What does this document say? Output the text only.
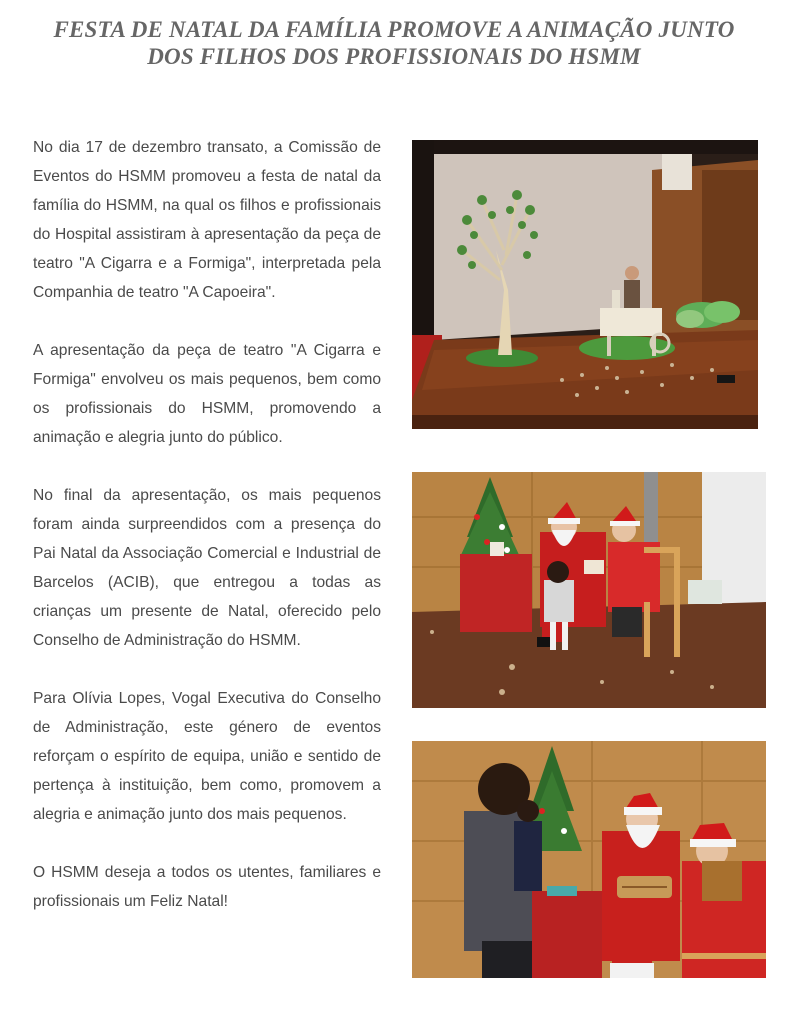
FESTA DE NATAL DA FAMÍLIA PROMOVE A ANIMAÇÃO JUNTO
DOS FILHOS DOS PROFISSIONAIS DO HSMM

No dia 17 de dezembro transato, a Comissão de Eventos do HSMM promoveu a festa de natal da família do HSMM, na qual os filhos e profissionais do Hospital assistiram à apresentação da peça de teatro "A Cigarra e a Formiga", interpretada pela Companhia de teatro "A Capoeira".

A apresentação da peça de teatro "A Cigarra e Formiga" envolveu os mais pequenos, bem como os profissionais do HSMM, promovendo a animação e alegria junto do público.

No final da apresentação, os mais pequenos foram ainda surpreendidos com a presença do Pai Natal da Associação Comercial e Industrial de Barcelos (ACIB), que entregou a todas as crianças um presente de Natal, oferecido pelo Conselho de Administração do HSMM.

Para Olívia Lopes, Vogal Executiva do Conselho de Administração, este género de eventos reforçam o espírito de equipa, união e sentido de pertença à instituição, bem como, promovem a alegria e animação junto dos mais pequenos.

O HSMM deseja a todos os utentes, familiares e profissionais um Feliz Natal!
